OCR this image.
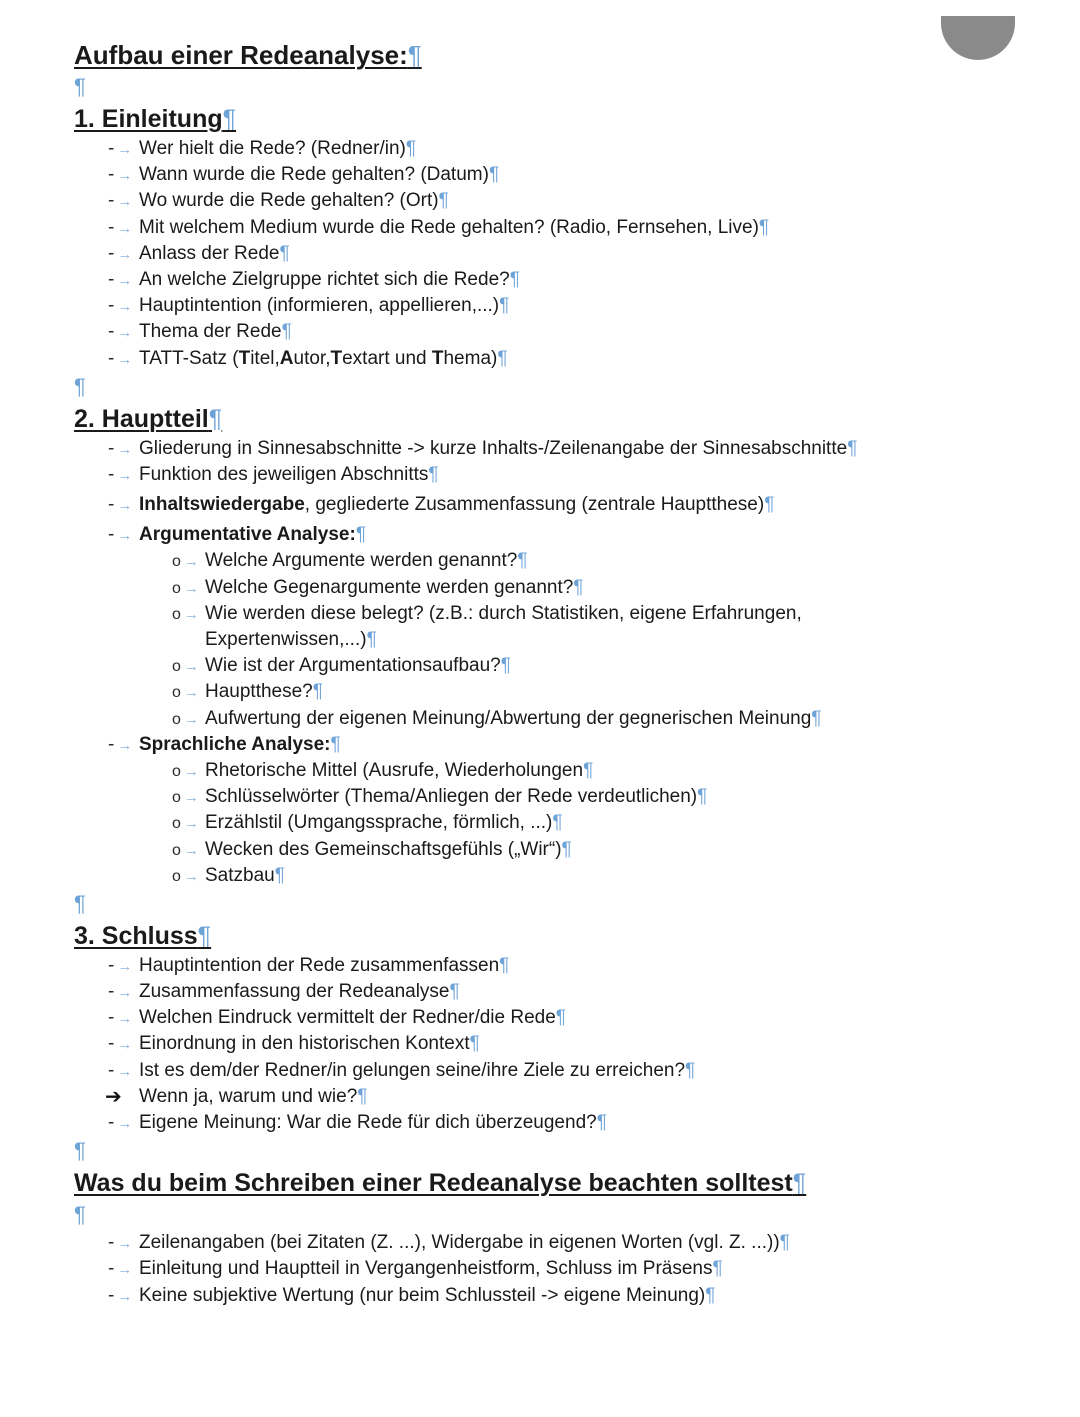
Aufbau einer Redeanalyse:¶
¶
1. Einleitung¶
- → Wer hielt die Rede? (Redner/in)¶
- → Wann wurde die Rede gehalten? (Datum)¶
- → Wo wurde die Rede gehalten? (Ort)¶
- → Mit welchem Medium wurde die Rede gehalten? (Radio, Fernsehen, Live)¶
- → Anlass der Rede¶
- → An welche Zielgruppe richtet sich die Rede?¶
- → Hauptintention (informieren, appellieren,...)¶
- → Thema der Rede¶
- → TATT-Satz (Titel,Autor,Textart und Thema)¶
¶
2. Hauptteil¶
- → Gliederung in Sinnesabschnitte -> kurze Inhalts-/Zeilenangabe der Sinnesabschnitte¶
- → Funktion des jeweiligen Abschnitts¶
- → Inhaltswiedergabe, gegliederte Zusammenfassung (zentrale Hauptthese)¶
- → Argumentative Analyse:¶
o → Welche Argumente werden genannt?¶
o → Welche Gegenargumente werden genannt?¶
o → Wie werden diese belegt? (z.B.: durch Statistiken, eigene Erfahrungen,
Expertenwissen,...)¶
o → Wie ist der Argumentationsaufbau?¶
o → Hauptthese?¶
o → Aufwertung der eigenen Meinung/Abwertung der gegnerischen Meinung¶
- → Sprachliche Analyse:¶
o → Rhetorische Mittel (Ausrufe, Wiederholungen¶
o → Schlüsselwörter (Thema/Anliegen der Rede verdeutlichen)¶
o → Erzählstil (Umgangssprache, förmlich, ...)¶
o → Wecken des Gemeinschaftsgefühls („Wir“)¶
o → Satzbau¶
¶
3. Schluss¶
- → Hauptintention der Rede zusammenfassen¶
- → Zusammenfassung der Redeanalyse¶
- → Welchen Eindruck vermittelt der Redner/die Rede¶
- → Einordnung in den historischen Kontext¶
- → Ist es dem/der Redner/in gelungen seine/ihre Ziele zu erreichen?¶
➔ Wenn ja, warum und wie?¶
- → Eigene Meinung: War die Rede für dich überzeugend?¶
¶
Was du beim Schreiben einer Redeanalyse beachten solltest¶
¶
- → Zeilenangaben (bei Zitaten (Z. ...), Widergabe in eigenen Worten (vgl. Z. ...))¶
- → Einleitung und Hauptteil in Vergangenheistform, Schluss im Präsens¶
- → Keine subjektive Wertung (nur beim Schlussteil -> eigene Meinung)¶
